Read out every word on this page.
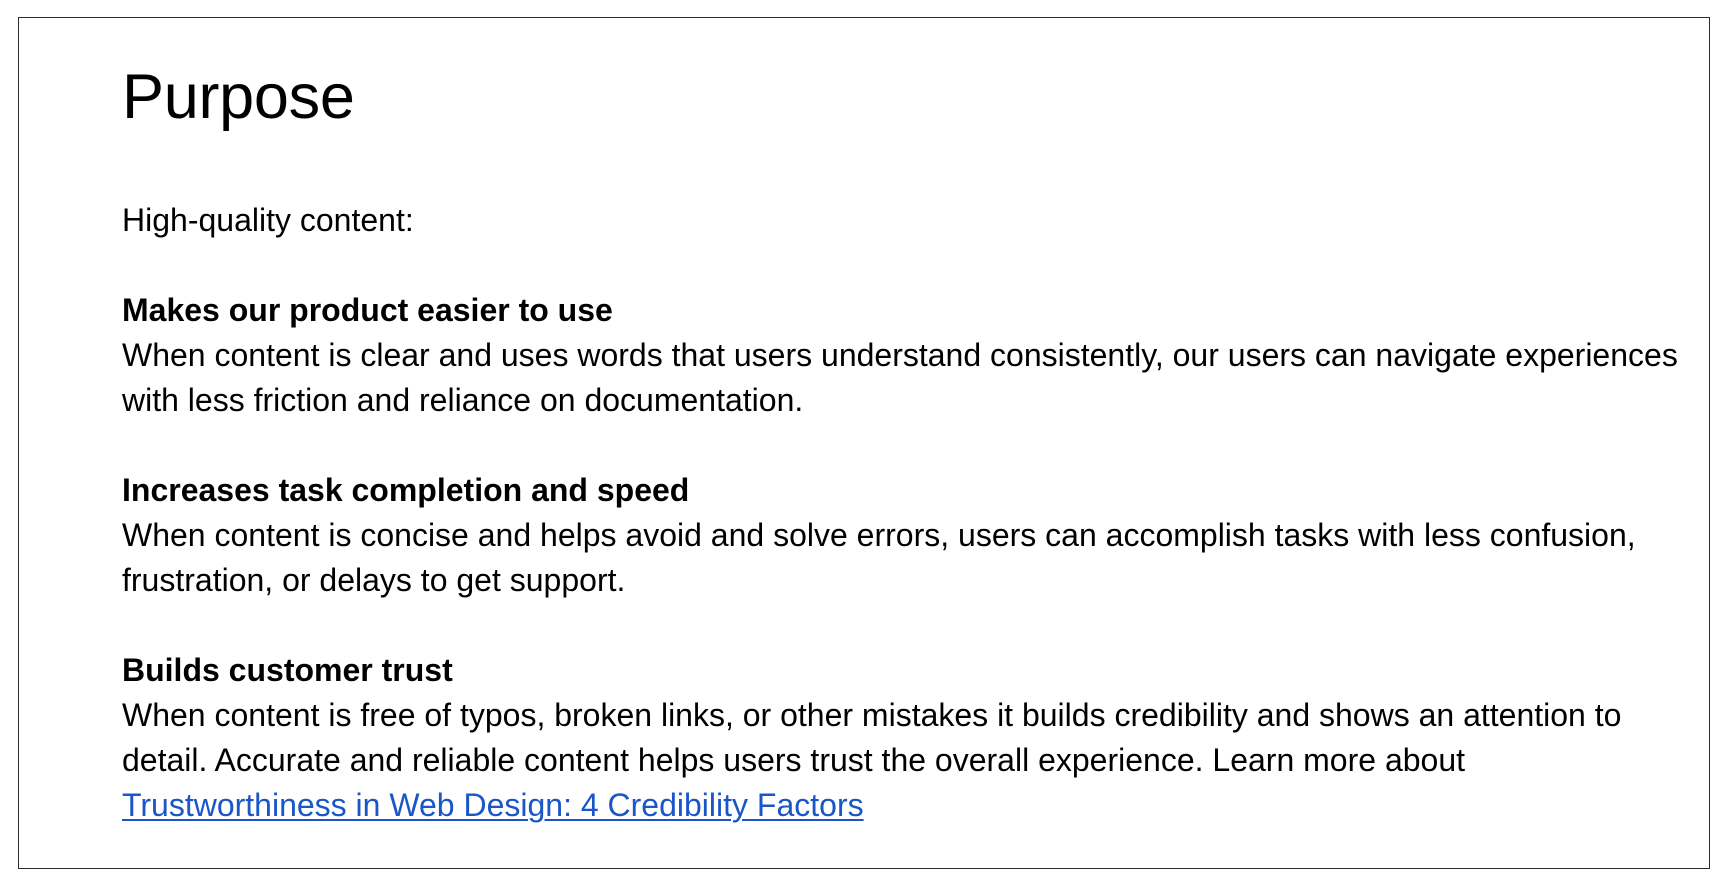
Purpose

High-quality content:

Makes our product easier to use

When content is clear and uses words that users understand consistently, our users can navigate experiences with less friction and reliance on documentation.

Increases task completion and speed

When content is concise and helps avoid and solve errors, users can accomplish tasks with less confusion, frustration, or delays to get support.

Builds customer trust

When content is free of typos, broken links, or other mistakes it builds credibility and shows an attention to detail. Accurate and reliable content helps users trust the overall experience. Learn more about Trustworthiness in Web Design: 4 Credibility Factors
